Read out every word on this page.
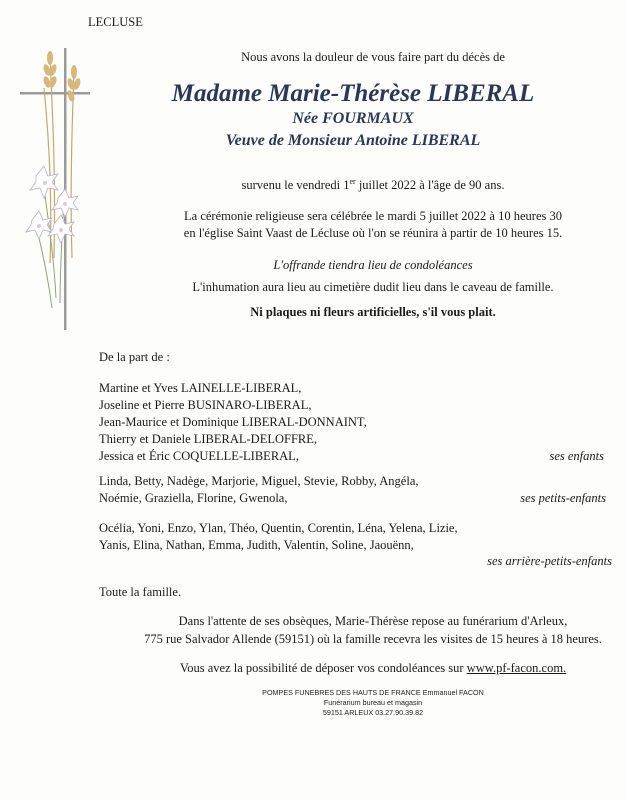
LECLUSE
Nous avons la douleur de vous faire part du décès de
Madame Marie-Thérèse LIBERAL
Née FOURMAUX
Veuve de Monsieur Antoine LIBERAL
survenu le vendredi 1er juillet 2022 à l'âge de 90 ans.
La cérémonie religieuse sera célébrée le mardi 5 juillet 2022 à 10 heures 30
en l'église Saint Vaast de Lécluse où l'on se réunira à partir de 10 heures 15.
L'offrande tiendra lieu de condoléances
L'inhumation aura lieu au cimetière dudit lieu dans le caveau de famille.
Ni plaques ni fleurs artificielles, s'il vous plait.
De la part de :
Martine et Yves LAINELLE-LIBERAL,
Joseline et Pierre BUSINARO-LIBERAL,
Jean-Maurice et Dominique LIBERAL-DONNAINT,
Thierry et Daniele LIBERAL-DELOFFRE,
Jessica et Éric COQUELLE-LIBERAL,	ses enfants
Linda, Betty, Nadège, Marjorie, Miguel, Stevie, Robby, Angéla,
Noémie, Graziella, Florine, Gwenola,	ses petits-enfants
Océlia, Yoni, Enzo, Ylan, Théo, Quentin, Corentin, Léna, Yelena, Lizie,
Yanis, Elina, Nathan, Emma, Judith, Valentin, Soline, Jaouënn,
ses arrière-petits-enfants
Toute la famille.
Dans l'attente de ses obsèques, Marie-Thérèse repose au funérarium d'Arleux,
775 rue Salvador Allende (59151) où la famille recevra les visites de 15 heures à 18 heures.
Vous avez la possibilité de déposer vos condoléances sur www.pf-facon.com.
POMPES FUNEBRES DES HAUTS DE FRANCE Emmanuel FACON
Funérarium bureau et magasin
59151 ARLEUX 03.27.90.39.82
